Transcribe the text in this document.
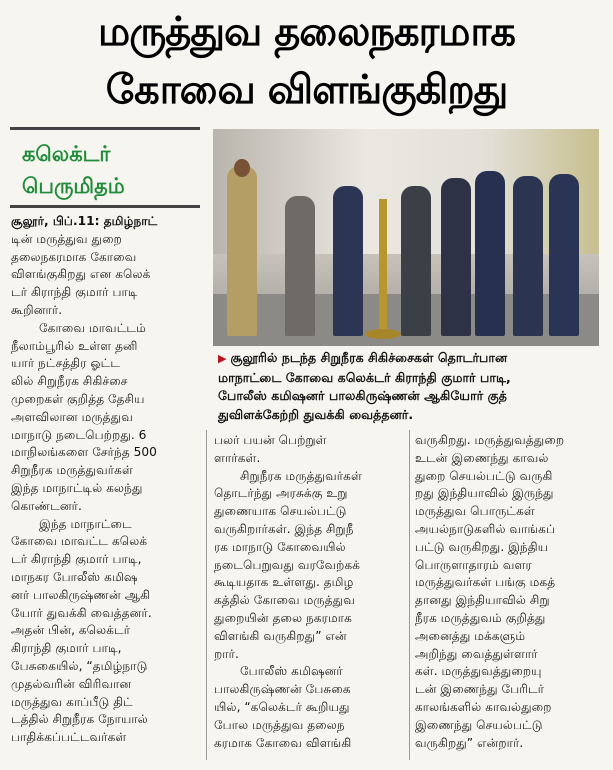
மருத்துவ தலைநகரமாக
கோவை விளங்குகிறது
கலெக்டர்
பெருமிதம்
▶ சூலூரில் நடந்த சிறுநீரக சிகிச்சைகள் தொடர்பான
மாநாட்டை கோவை கலெக்டர் கிராந்தி குமார் பாடி,
போலீஸ் கமிஷனர் பாலகிருஷ்ணன் ஆகியோர் குத்
துவிளக்கேற்றி துவக்கி வைத்தனர்.
சூலூர், பிப்.11: தமிழ்நாட்
டின் மருத்துவ துறை
தலைநகரமாக கோவை
விளங்குகிறது என கலெக்
டர் கிராந்தி குமார் பாடி
கூறினார்.
கோவை மாவட்டம்
நீலாம்பூரில் உள்ள தனி
யார் நட்சத்திர ஓட்ட
லில் சிறுநீரக சிகிச்சை
முறைகள் குறித்த தேசிய
அளவிலான மருத்துவ
மாநாடு நடைபெற்றது. 6
மாநிலங்களை சேர்ந்த 500
சிறுநீரக மருத்துவர்கள்
இந்த மாநாட்டில் கலந்து
கொண்டனர்.
இந்த மாநாட்டை
கோவை மாவட்ட கலெக்
டர் கிராந்தி குமார் பாடி,
மாநகர போலீஸ் கமிஷ
னர் பாலகிருஷ்ணன் ஆகி
யோர் துவக்கி வைத்தனர்.
அதன் பின், கலெக்டர்
கிராந்தி குமார் பாடி,
பேசுகையில், “தமிழ்நாடு
முதல்வரின் விரிவான
மருத்துவ காப்பீடு திட்
டத்தில் சிறுநீரக நோயால்
பாதிக்கப்பட்டவர்கள்
பலர் பயன் பெற்றுள்
ளார்கள்.
சிறுநீரக மருத்துவர்கள்
தொடர்ந்து அரசுக்கு உறு
துணையாக செயல்பட்டு
வருகிறார்கள். இந்த சிறுநீ
ரக மாநாடு கோவையில்
நடைபெறுவது வரவேற்கக்
கூடியதாக உள்ளது. தமிழ
கத்தில் கோவை மருத்துவ
துறையின் தலை நகரமாக
விளங்கி வருகிறது” என்
றார்.
போலீஸ் கமிஷனர்
பாலகிருஷ்ணன் பேசுகை
யில், “கலெக்டர் கூறியது
போல மருத்துவ தலைந
கரமாக கோவை விளங்கி
வருகிறது. மருத்துவத்துறை
உடன் இணைந்து காவல்
துறை செயல்பட்டு வருகி
றது இந்தியாவில் இருந்து
மருத்துவ பொருட்கள்
அயல்நாடுகளில் வாங்கப்
பட்டு வருகிறது. இந்திய
பொருளாதாரம் வளர
மருத்துவர்கள் பங்கு மகத்
தானது இந்தியாவில் சிறு
நீரக மருத்துவம் குறித்து
அனைத்து மக்களும்
அறிந்து வைத்துள்ளார்
கள். மருத்துவத்துறையு
டன் இணைந்து பேரிடர்
காலங்களில் காவல்துறை
இணைந்து செயல்பட்டு
வருகிறது” என்றார்.
